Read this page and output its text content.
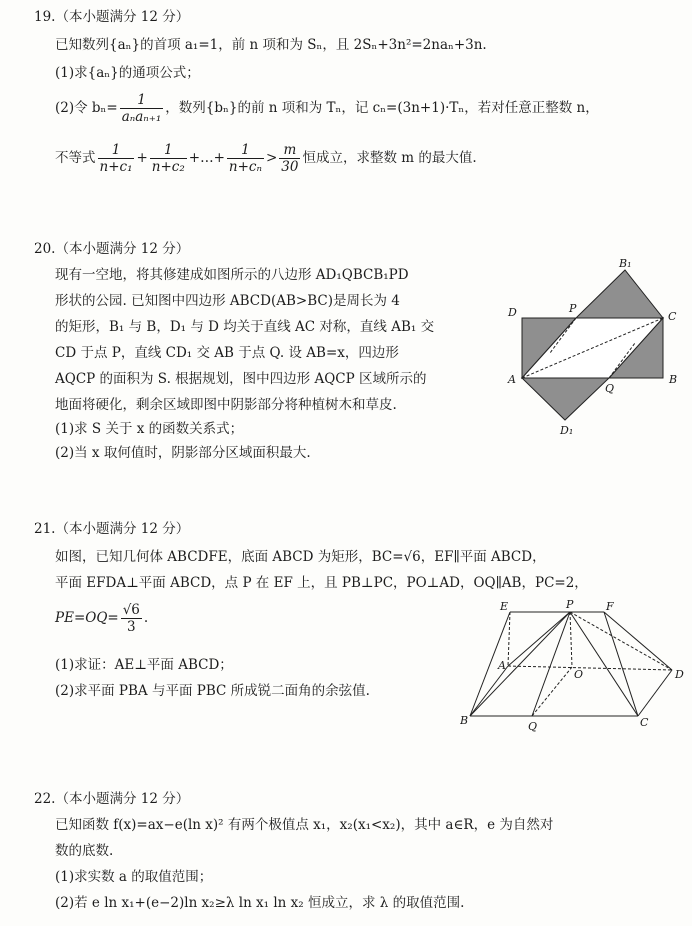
19.（本小题满分 12 分）
已知数列{aₙ}的首项 a₁=1，前 n 项和为 Sₙ，且 2Sₙ+3n²=2naₙ+3n.
(1)求{aₙ}的通项公式；
(2)令 $b_n= \frac{1}{\text{aₙaₙ₊₁}}$ ，数列{bₙ}的前 n 项和为 Tₙ，记 cₙ=(3n+1)·Tₙ，若对任意正整数 n，
不等式 $\frac{1}{\text{n+c₁}} + \frac{1}{\text{n+c₂}}$ +…+ $\frac{1}{\text{n+cₙ}} > \frac{m}{30}$ 恒成立，求整数 m 的最大值.
20.（本小题满分 12 分）
现有一空地，将其修建成如图所示的八边形 AD₁QBCB₁PD
形状的公园. 已知图中四边形 ABCD(AB>BC)是周长为 4
的矩形，B₁ 与 B，D₁ 与 D 均关于直线 AC 对称，直线 AB₁ 交
CD 于点 P，直线 CD₁ 交 AB 于点 Q. 设 AB=x，四边形
AQCP 的面积为 S. 根据规划，图中四边形 AQCP 区域所示的
地面将硬化，剩余区域即图中阴影部分将种植树木和草皮.
(1)求 S 关于 x 的函数关系式；
(2)当 x 取何值时，阴影部分区域面积最大.
B₁
P
C
D
A
Q
B
D₁
21.（本小题满分 12 分）
如图，已知几何体 ABCDFE，底面 ABCD 为矩形，BC=√6，EF∥平面 ABCD，
平面 EFDA⊥平面 ABCD，点 P 在 EF 上，且 PB⊥PC，PO⊥AD，OQ∥AB，PC=2，
$PE=OQ= \frac{√6}{3}$ .
(1)求证：AE⊥平面 ABCD；
(2)求平面 PBA 与平面 PBC 所成锐二面角的余弦值.
E	P	F
A
O	D
B	Q	C
22.（本小题满分 12 分）
已知函数 f(x)=ax−e(ln x)² 有两个极值点 x₁，x₂(x₁<x₂)，其中 a∈R，e 为自然对
数的底数.
(1)求实数 a 的取值范围；
(2)若 e ln x₁+(e−2)ln x₂≥λ ln x₁ ln x₂ 恒成立，求 λ 的取值范围.
